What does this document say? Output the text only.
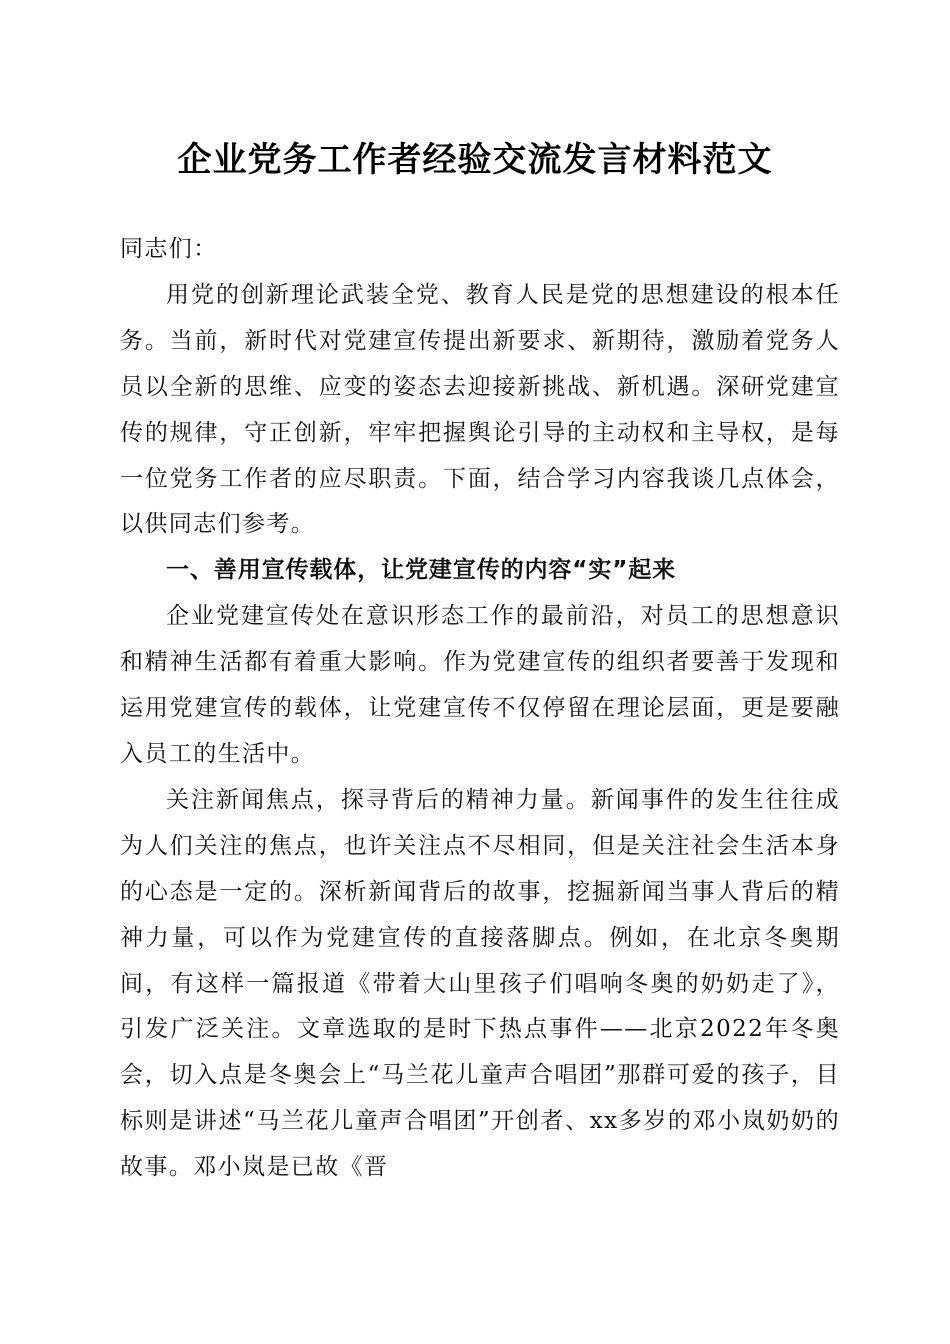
企业党务工作者经验交流发言材料范文

同志们：

用党的创新理论武装全党、教育人民是党的思想建设的根本任务。当前，新时代对党建宣传提出新要求、新期待，激励着党务人员以全新的思维、应变的姿态去迎接新挑战、新机遇。深研党建宣传的规律，守正创新，牢牢把握舆论引导的主动权和主导权，是每一位党务工作者的应尽职责。下面，结合学习内容我谈几点体会，以供同志们参考。

一、善用宣传载体，让党建宣传的内容“实”起来

企业党建宣传处在意识形态工作的最前沿，对员工的思想意识和精神生活都有着重大影响。作为党建宣传的组织者要善于发现和运用党建宣传的载体，让党建宣传不仅停留在理论层面，更是要融入员工的生活中。

关注新闻焦点，探寻背后的精神力量。新闻事件的发生往往成为人们关注的焦点，也许关注点不尽相同，但是关注社会生活本身的心态是一定的。深析新闻背后的故事，挖掘新闻当事人背后的精神力量，可以作为党建宣传的直接落脚点。例如，在北京冬奥期间，有这样一篇报道《带着大山里孩子们唱响冬奥的奶奶走了》，引发广泛关注。文章选取的是时下热点事件——北京2022年冬奥会，切入点是冬奥会上“马兰花儿童声合唱团”那群可爱的孩子，目标则是讲述“马兰花儿童声合唱团”开创者、xx多岁的邓小岚奶奶的故事。邓小岚是已故《晋
